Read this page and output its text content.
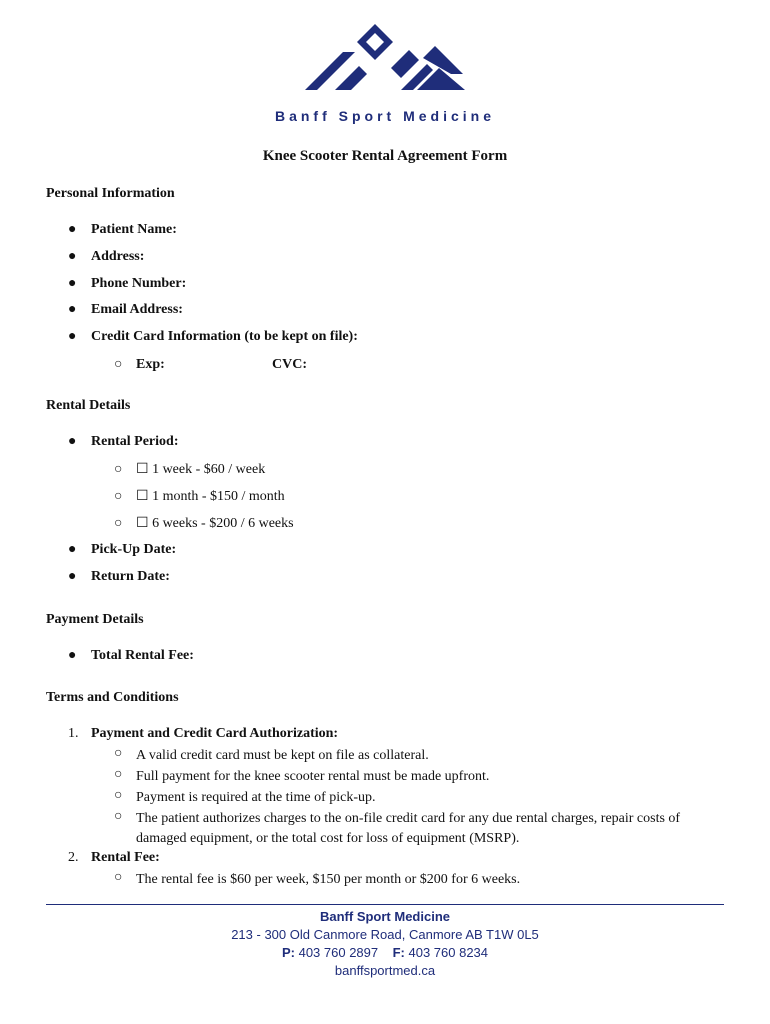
Banff Sport Medicine
Knee Scooter Rental Agreement Form
Personal Information
● Patient Name:
● Address:
● Phone Number:
● Email Address:
● Credit Card Information (to be kept on file):
○ Exp:	CVC:
Rental Details
● Rental Period:
○ ☐ 1 week - $60 / week
○ ☐ 1 month - $150 / month
○ ☐ 6 weeks - $200 / 6 weeks
● Pick-Up Date:
● Return Date:
Payment Details
● Total Rental Fee:
Terms and Conditions
1. Payment and Credit Card Authorization:
○ A valid credit card must be kept on file as collateral.
○ Full payment for the knee scooter rental must be made upfront.
○ Payment is required at the time of pick-up.
○ The patient authorizes charges to the on-file credit card for any due rental charges, repair costs of damaged equipment, or the total cost for loss of equipment (MSRP).
2. Rental Fee:
○ The rental fee is $60 per week, $150 per month or $200 for 6 weeks.
Banff Sport Medicine
213 - 300 Old Canmore Road, Canmore AB T1W 0L5
P: 403 760 2897 F: 403 760 8234
banffsportmed.ca
